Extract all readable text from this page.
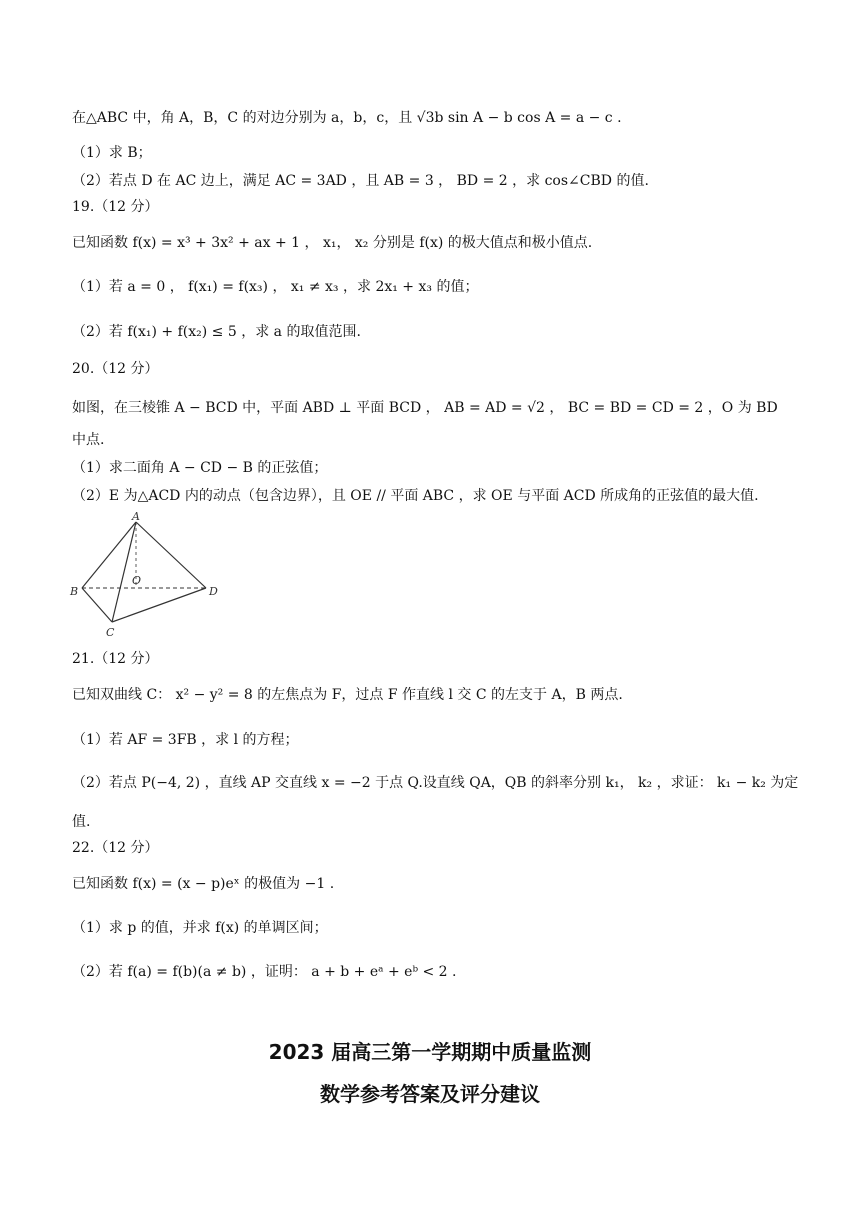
在△ABC 中，角 A，B，C 的对边分别为 a，b，c，且 √3b sin A − b cos A = a − c .
（1）求 B；
（2）若点 D 在 AC 边上，满足 AC = 3AD ，且 AB = 3 ， BD = 2 ，求 cos∠CBD 的值.
19.（12 分）
已知函数 f(x) = x³ + 3x² + ax + 1 ， x₁， x₂ 分别是 f(x) 的极大值点和极小值点.
（1）若 a = 0 ， f(x₁) = f(x₃) ， x₁ ≠ x₃ ，求 2x₁ + x₃ 的值；
（2）若 f(x₁) + f(x₂) ≤ 5 ，求 a 的取值范围.
20.（12 分）
如图，在三棱锥 A − BCD 中，平面 ABD ⊥ 平面 BCD ， AB = AD = √2 ， BC = BD = CD = 2 ，O 为 BD
中点.
（1）求二面角 A − CD − B 的正弦值；
（2）E 为△ACD 内的动点（包含边界），且 OE // 平面 ABC ，求 OE 与平面 ACD 所成角的正弦值的最大值.
A
B
C
D
O
21.（12 分）
已知双曲线 C： x² − y² = 8 的左焦点为 F，过点 F 作直线 l 交 C 的左支于 A，B 两点.
（1）若 AF = 3FB ，求 l 的方程；
（2）若点 P(−4, 2) ，直线 AP 交直线 x = −2 于点 Q.设直线 QA，QB 的斜率分别 k₁， k₂ ，求证： k₁ − k₂ 为定
值.
22.（12 分）
已知函数 f(x) = (x − p)eˣ 的极值为 −1 .
（1）求 p 的值，并求 f(x) 的单调区间；
（2）若 f(a) = f(b)(a ≠ b) ，证明： a + b + eᵃ + eᵇ < 2 .
2023 届高三第一学期期中质量监测
数学参考答案及评分建议
